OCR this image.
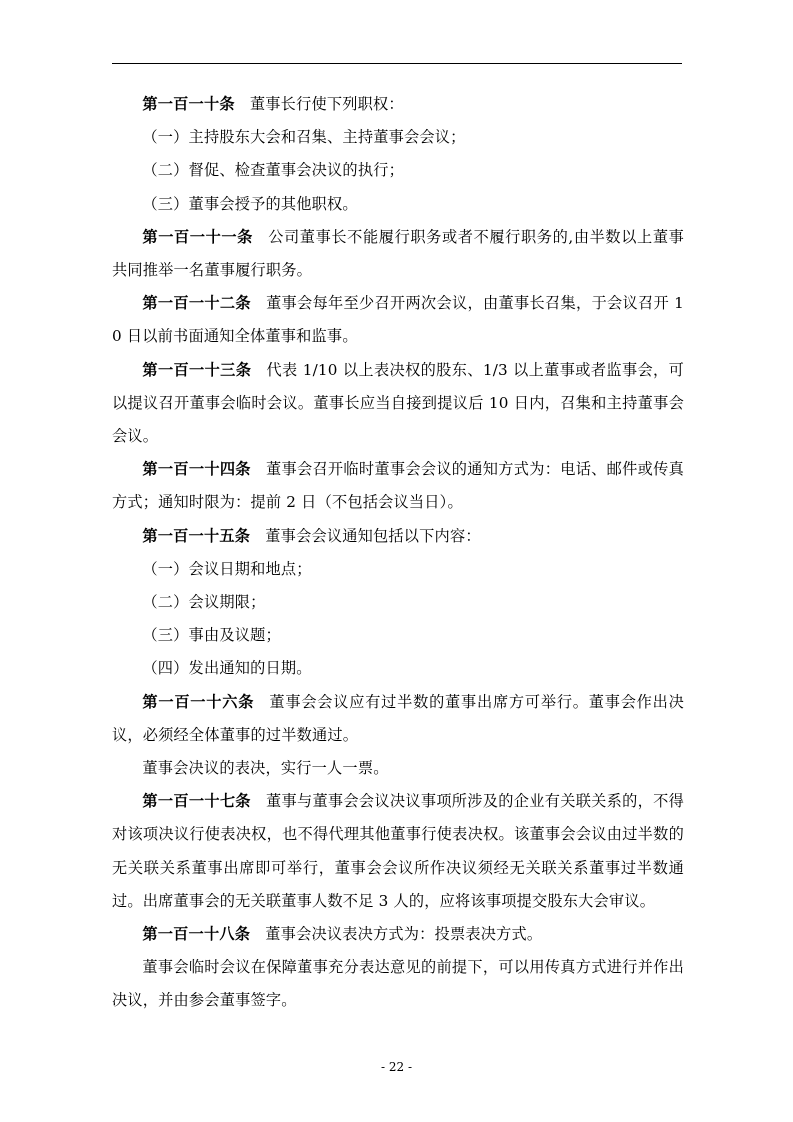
第一百一十条 董事长行使下列职权：

（一）主持股东大会和召集、主持董事会会议；

（二）督促、检查董事会决议的执行；

（三）董事会授予的其他职权。

第一百一十一条 公司董事长不能履行职务或者不履行职务的,由半数以上董事共同推举一名董事履行职务。

第一百一十二条 董事会每年至少召开两次会议，由董事长召集，于会议召开 10 日以前书面通知全体董事和监事。

第一百一十三条 代表 1/10 以上表决权的股东、1/3 以上董事或者监事会，可以提议召开董事会临时会议。董事长应当自接到提议后 10 日内，召集和主持董事会会议。

第一百一十四条 董事会召开临时董事会会议的通知方式为：电话、邮件或传真方式；通知时限为：提前 2 日（不包括会议当日）。

第一百一十五条 董事会会议通知包括以下内容：

（一）会议日期和地点；

（二）会议期限；

（三）事由及议题；

（四）发出通知的日期。

第一百一十六条 董事会会议应有过半数的董事出席方可举行。董事会作出决议，必须经全体董事的过半数通过。

董事会决议的表决，实行一人一票。

第一百一十七条 董事与董事会会议决议事项所涉及的企业有关联关系的，不得对该项决议行使表决权，也不得代理其他董事行使表决权。该董事会会议由过半数的无关联关系董事出席即可举行，董事会会议所作决议须经无关联关系董事过半数通过。出席董事会的无关联董事人数不足 3 人的，应将该事项提交股东大会审议。

第一百一十八条 董事会决议表决方式为：投票表决方式。

董事会临时会议在保障董事充分表达意见的前提下，可以用传真方式进行并作出决议，并由参会董事签字。

- 22 -
